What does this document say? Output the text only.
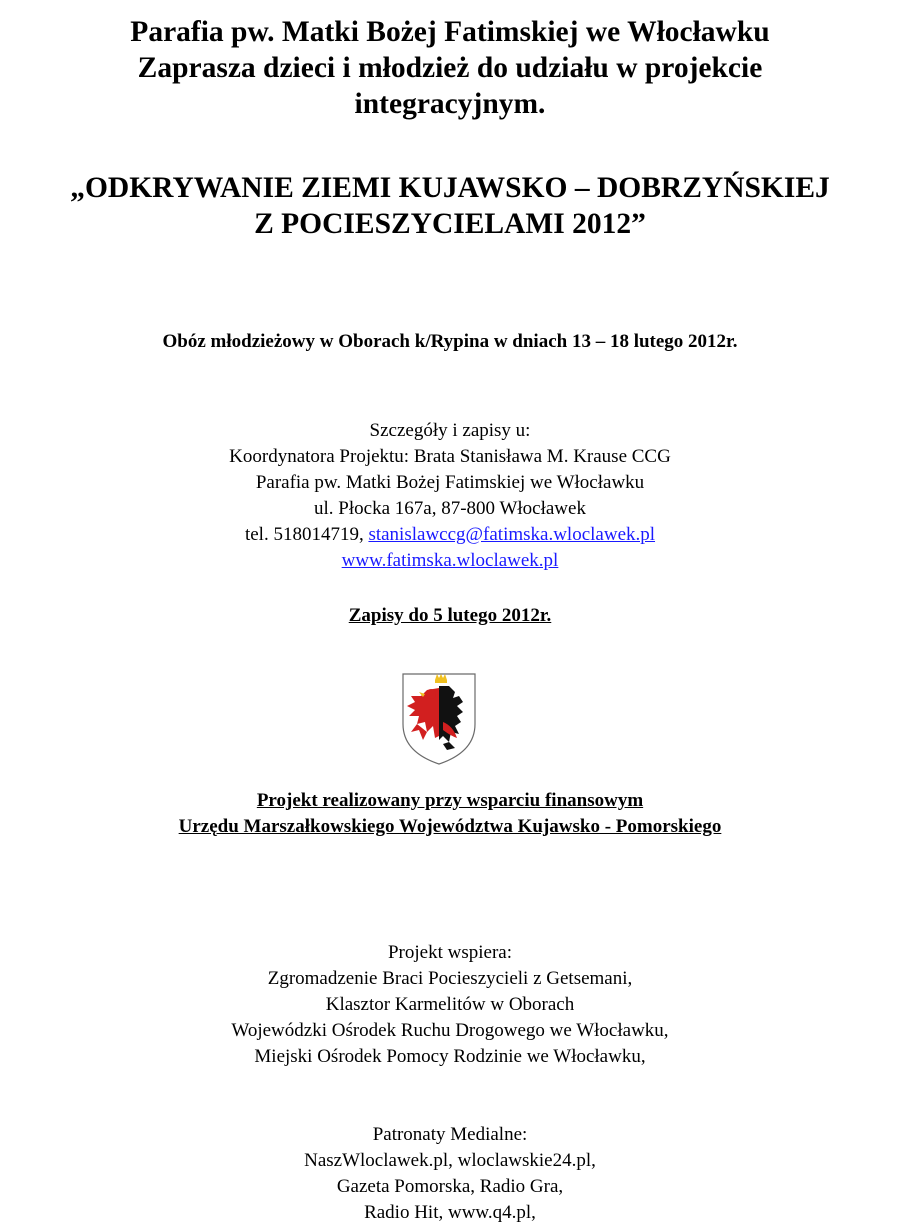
Parafia pw. Matki Bożej Fatimskiej we Włocławku
Zaprasza dzieci i młodzież do udziału w projekcie
integracyjnym.
„ODKRYWANIE ZIEMI KUJAWSKO – DOBRZYŃSKIEJ
Z POCIESZYCIELAMI 2012”
Obóz młodzieżowy w Oborach k/Rypina w dniach 13 – 18 lutego 2012r.
Szczegóły i zapisy u:
Koordynatora Projektu: Brata Stanisława M. Krause CCG
Parafia pw. Matki Bożej Fatimskiej we Włocławku
ul. Płocka 167a, 87-800 Włocławek
tel. 518014719, stanislawccg@fatimska.wloclawek.pl
www.fatimska.wloclawek.pl
Zapisy do 5 lutego 2012r.
Projekt realizowany przy wsparciu finansowym
Urzędu Marszałkowskiego Województwa Kujawsko - Pomorskiego
Projekt wspiera:
Zgromadzenie Braci Pocieszycieli z Getsemani,
Klasztor Karmelitów w Oborach
Wojewódzki Ośrodek Ruchu Drogowego we Włocławku,
Miejski Ośrodek Pomocy Rodzinie we Włocławku,
Patronaty Medialne:
NaszWloclawek.pl, wloclawskie24.pl,
Gazeta Pomorska, Radio Gra,
Radio Hit, www.q4.pl,
